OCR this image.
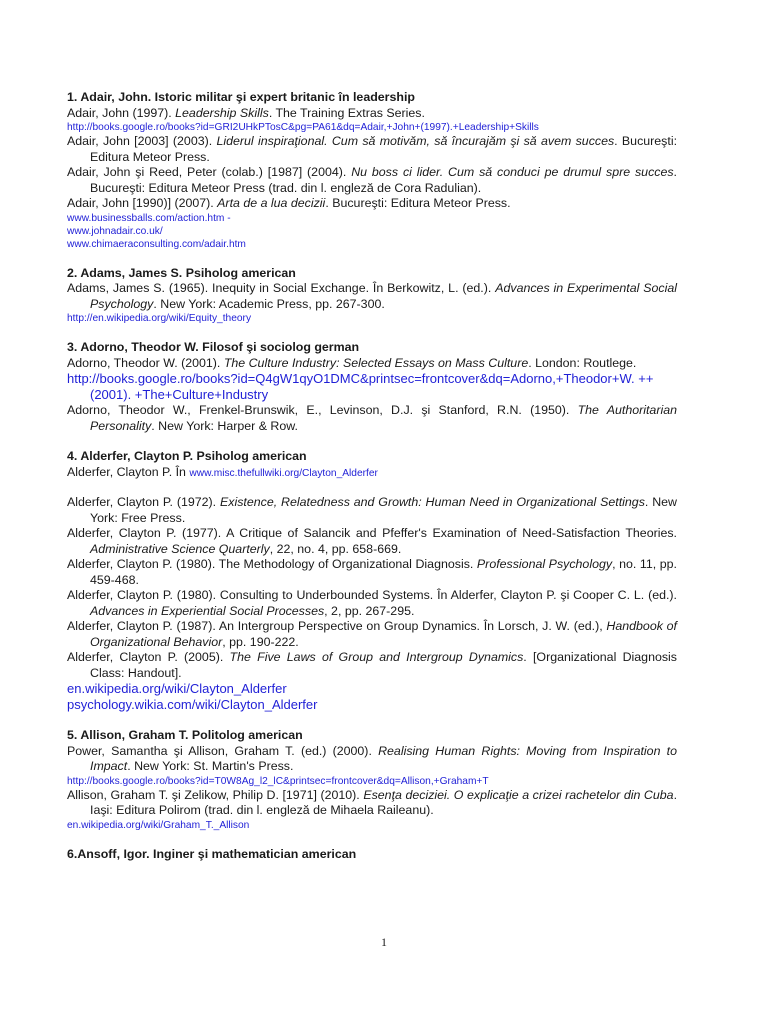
1. Adair, John. Istoric militar şi expert britanic în leadership
Adair, John (1997). Leadership Skills. The Training Extras Series.
http://books.google.ro/books?id=GRI2UHkPTosC&pg=PA61&dq=Adair,+John+(1997).+Leadership+Skills
Adair, John [2003] (2003). Liderul inspiraţional. Cum să motivăm, să încurajăm şi să avem succes. Bucureşti: Editura Meteor Press.
Adair, John şi Reed, Peter (colab.) [1987] (2004). Nu boss ci lider. Cum să conduci pe drumul spre succes. Bucureşti: Editura Meteor Press (trad. din l. engleză de Cora Radulian).
Adair, John [1990)] (2007). Arta de a lua decizii. Bucureşti: Editura Meteor Press.
www.businessballs.com/action.htm -
www.johnadair.co.uk/
www.chimaeraconsulting.com/adair.htm
2. Adams, James S. Psiholog american
Adams, James S. (1965). Inequity in Social Exchange. În Berkowitz, L. (ed.). Advances in Experimental Social Psychology. New York: Academic Press, pp. 267-300.
http://en.wikipedia.org/wiki/Equity_theory
3. Adorno, Theodor W. Filosof şi sociolog german
Adorno, Theodor W. (2001). The Culture Industry: Selected Essays on Mass Culture. London: Routlege.
http://books.google.ro/books?id=Q4gW1qyO1DMC&printsec=frontcover&dq=Adorno,+Theodor+W. ++(2001). +The+Culture+Industry
Adorno, Theodor W., Frenkel-Brunswik, E., Levinson, D.J. şi Stanford, R.N. (1950). The Authoritarian Personality. New York: Harper & Row.
4. Alderfer, Clayton P. Psiholog american
Alderfer, Clayton P. În www.misc.thefullwiki.org/Clayton_Alderfer
Alderfer, Clayton P. (1972). Existence, Relatedness and Growth: Human Need in Organizational Settings. New York: Free Press.
Alderfer, Clayton P. (1977). A Critique of Salancik and Pfeffer's Examination of Need-Satisfaction Theories. Administrative Science Quarterly, 22, no. 4, pp. 658-669.
Alderfer, Clayton P. (1980). The Methodology of Organizational Diagnosis. Professional Psychology, no. 11, pp. 459-468.
Alderfer, Clayton P. (1980). Consulting to Underbounded Systems. În Alderfer, Clayton P. şi Cooper C. L. (ed.). Advances in Experiential Social Processes, 2, pp. 267-295.
Alderfer, Clayton P. (1987). An Intergroup Perspective on Group Dynamics. În Lorsch, J. W. (ed.), Handbook of Organizational Behavior, pp. 190-222.
Alderfer, Clayton P. (2005). The Five Laws of Group and Intergroup Dynamics. [Organizational Diagnosis Class: Handout].
en.wikipedia.org/wiki/Clayton_Alderfer
psychology.wikia.com/wiki/Clayton_Alderfer
5. Allison, Graham T. Politolog american
Power, Samantha şi Allison, Graham T. (ed.) (2000). Realising Human Rights: Moving from Inspiration to Impact. New York: St. Martin's Press.
http://books.google.ro/books?id=T0W8Ag_l2_lC&printsec=frontcover&dq=Allison,+Graham+T
Allison, Graham T. şi Zelikow, Philip D. [1971] (2010). Esenţa deciziei. O explicaţie a crizei rachetelor din Cuba. Iaşi: Editura Polirom (trad. din l. engleză de Mihaela Raileanu).
en.wikipedia.org/wiki/Graham_T._Allison
6.Ansoff, Igor. Inginer şi mathematician american
1
